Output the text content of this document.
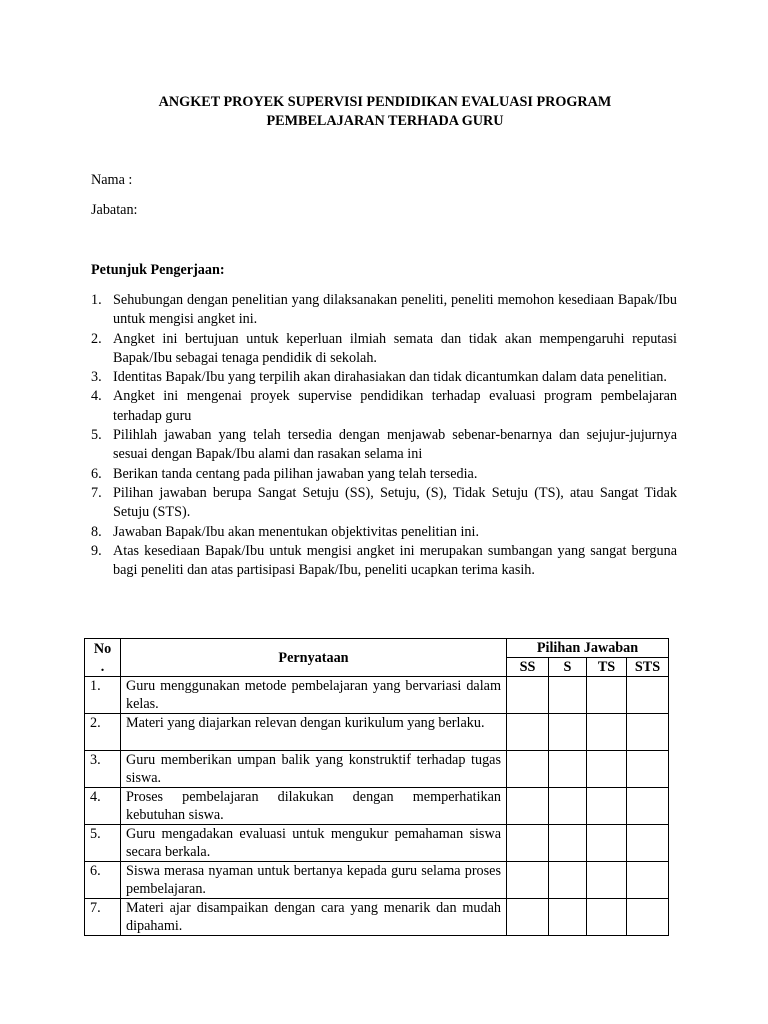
ANGKET PROYEK SUPERVISI PENDIDIKAN EVALUASI PROGRAM
PEMBELAJARAN TERHADA GURU
Nama :
Jabatan:
Petunjuk Pengerjaan:
1. Sehubungan dengan penelitian yang dilaksanakan peneliti, peneliti memohon kesediaan Bapak/Ibu untuk mengisi angket ini.
2. Angket ini bertujuan untuk keperluan ilmiah semata dan tidak akan mempengaruhi reputasi Bapak/Ibu sebagai tenaga pendidik di sekolah.
3. Identitas Bapak/Ibu yang terpilih akan dirahasiakan dan tidak dicantumkan dalam data penelitian.
4. Angket ini mengenai proyek supervise pendidikan terhadap evaluasi program pembelajaran terhadap guru
5. Pilihlah jawaban yang telah tersedia dengan menjawab sebenar-benarnya dan sejujur-jujurnya sesuai dengan Bapak/Ibu alami dan rasakan selama ini
6. Berikan tanda centang pada pilihan jawaban yang telah tersedia.
7. Pilihan jawaban berupa Sangat Setuju (SS), Setuju, (S), Tidak Setuju (TS), atau Sangat Tidak Setuju (STS).
8. Jawaban Bapak/Ibu akan menentukan objektivitas penelitian ini.
9. Atas kesediaan Bapak/Ibu untuk mengisi angket ini merupakan sumbangan yang sangat berguna bagi peneliti dan atas partisipasi Bapak/Ibu, peneliti ucapkan terima kasih.
No
.	Pernyataan	Pilihan Jawaban			
		SS	S	TS	STS
1.	Guru menggunakan metode pembelajaran yang bervariasi dalam kelas.				
2.	Materi yang diajarkan relevan dengan kurikulum yang berlaku.				
3.	Guru memberikan umpan balik yang konstruktif terhadap tugas siswa.				
4.	Proses pembelajaran dilakukan dengan memperhatikan kebutuhan siswa.				
5.	Guru mengadakan evaluasi untuk mengukur pemahaman siswa secara berkala.				
6.	Siswa merasa nyaman untuk bertanya kepada guru selama proses pembelajaran.				
7.	Materi ajar disampaikan dengan cara yang menarik dan mudah dipahami.				
